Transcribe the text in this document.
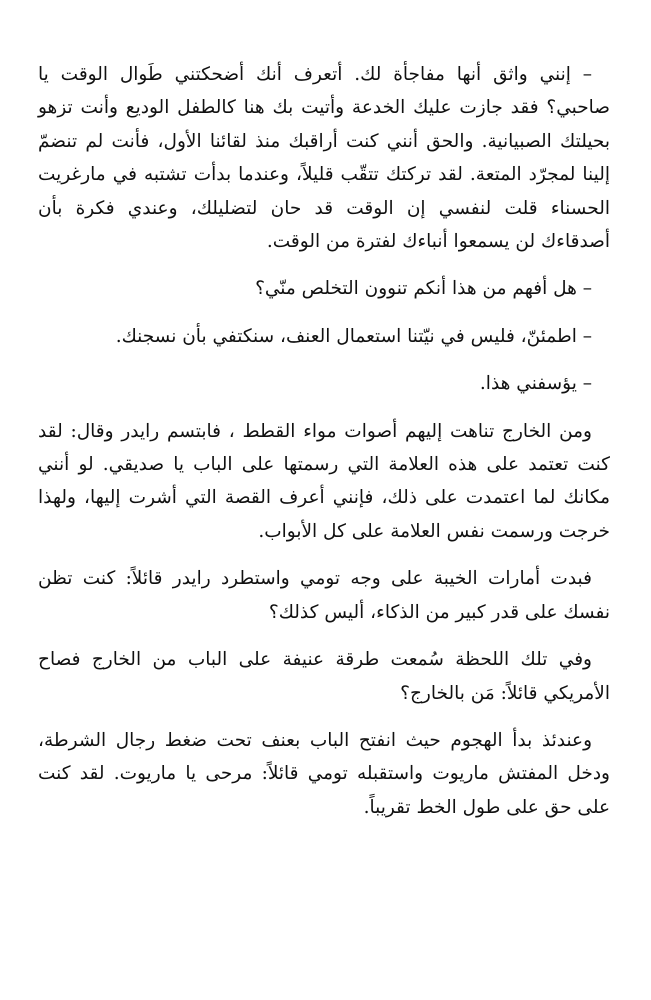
– إنني واثق أنها مفاجأة لك. أتعرف أنك أضحكتني طَوال الوقت يا صاحبي؟ فقد جازت عليك الخدعة وأتيت بك هنا كالطفل الوديع وأنت تزهو بحيلتك الصبيانية. والحق أنني كنت أراقبك منذ لقائنا الأول، فأنت لم تنضمّ إلينا لمجرّد المتعة. لقد تركتك تتقّب قليلاً، وعندما بدأت تشتبه في مارغريت الحسناء قلت لنفسي إن الوقت قد حان لتضليلك، وعندي فكرة بأن أصدقاءك لن يسمعوا أنباءك لفترة من الوقت.

– هل أفهم من هذا أنكم تنوون التخلص منّي؟

– اطمئنّ، فليس في نيّتنا استعمال العنف، سنكتفي بأن نسجنك.

– يؤسفني هذا.

ومن الخارج تناهت إليهم أصوات مواء القطط ، فابتسم رايدر وقال: لقد كنت تعتمد على هذه العلامة التي رسمتها على الباب يا صديقي. لو أنني مكانك لما اعتمدت على ذلك، فإنني أعرف القصة التي أشرت إليها، ولهذا خرجت ورسمت نفس العلامة على كل الأبواب.

فبدت أمارات الخيبة على وجه تومي واستطرد رايدر قائلاً: كنت تظن نفسك على قدر كبير من الذكاء، أليس كذلك؟

وفي تلك اللحظة سُمعت طرقة عنيفة على الباب من الخارج فصاح الأمريكي قائلاً: مَن بالخارج؟

وعندئذ بدأ الهجوم حيث انفتح الباب بعنف تحت ضغط رجال الشرطة، ودخل المفتش ماريوت واستقبله تومي قائلاً: مرحى يا ماريوت. لقد كنت على حق على طول الخط تقريباً.
